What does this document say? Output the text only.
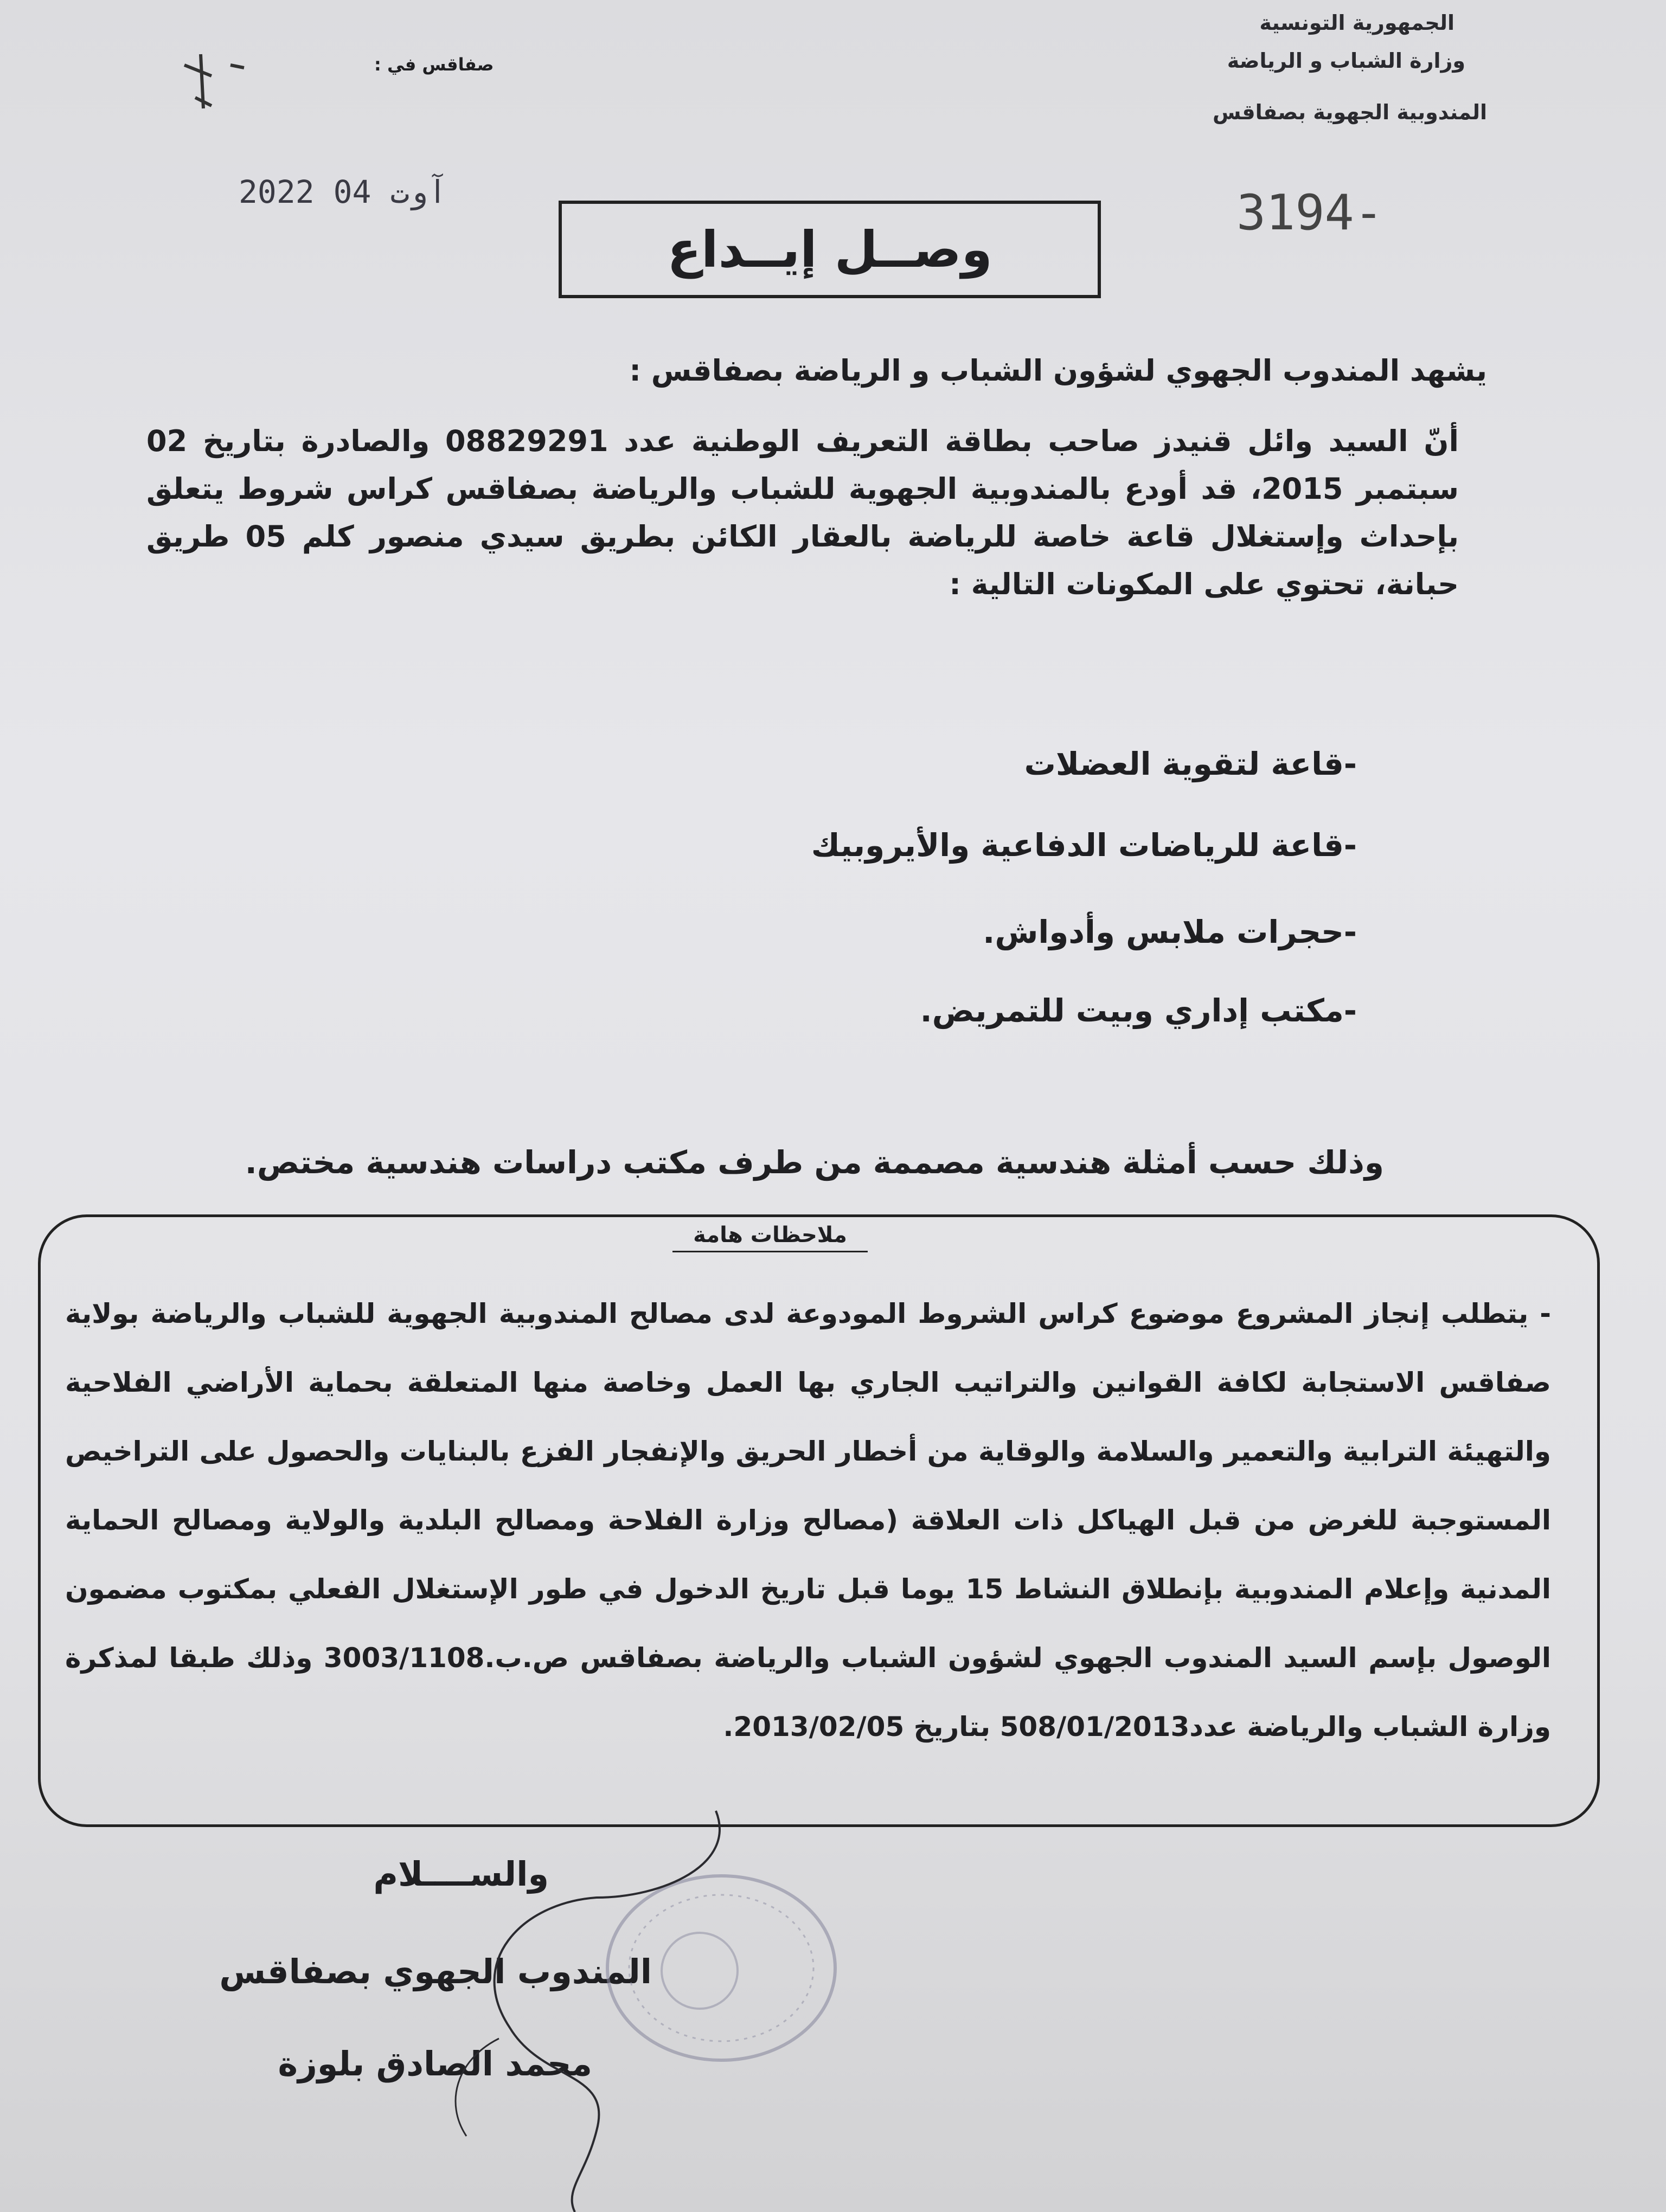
الجمهورية التونسية
وزارة الشباب و الرياضة
المندوبية الجهوية بصفاقس
صفاقس في :
2022 آوت 04	3194-
وصــل إيــداع
يشهد المندوب الجهوي لشؤون الشباب و الرياضة بصفاقس :
أنّ السيد وائل قنيدز صاحب بطاقة التعريف الوطنية عدد 08829291 والصادرة بتاريخ 02 سبتمبر 2015، قد أودع بالمندوبية الجهوية للشباب والرياضة بصفاقس كراس شروط يتعلق بإحداث وإستغلال قاعة خاصة للرياضة بالعقار الكائن بطريق سيدي منصور كلم 05 طريق حبانة، تحتوي على المكونات التالية :
-قاعة لتقوية العضلات
-قاعة للرياضات الدفاعية والأيروبيك
-حجرات ملابس وأدواش.
-مكتب إداري وبيت للتمريض.
وذلك حسب أمثلة هندسية مصممة من طرف مكتب دراسات هندسية مختص.
ملاحظات هامة
- يتطلب إنجاز المشروع موضوع كراس الشروط المودوعة لدى مصالح المندوبية الجهوية للشباب والرياضة بولاية صفاقس الاستجابة لكافة القوانين والتراتيب الجاري بها العمل وخاصة منها المتعلقة بحماية الأراضي الفلاحية والتهيئة الترابية والتعمير والسلامة والوقاية من أخطار الحريق والإنفجار الفزع بالبنايات والحصول على التراخيص المستوجبة للغرض من قبل الهياكل ذات العلاقة (مصالح وزارة الفلاحة ومصالح البلدية والولاية ومصالح الحماية المدنية وإعلام المندوبية بإنطلاق النشاط 15 يوما قبل تاريخ الدخول في طور الإستغلال الفعلي بمكتوب مضمون الوصول بإسم السيد المندوب الجهوي لشؤون الشباب والرياضة بصفاقس ص.ب.3003/1108 وذلك طبقا لمذكرة وزارة الشباب والرياضة عدد508/01/2013 بتاريخ 2013/02/05.
والســــلام
المندوب الجهوي بصفاقس
محمد الصادق بلوزة
